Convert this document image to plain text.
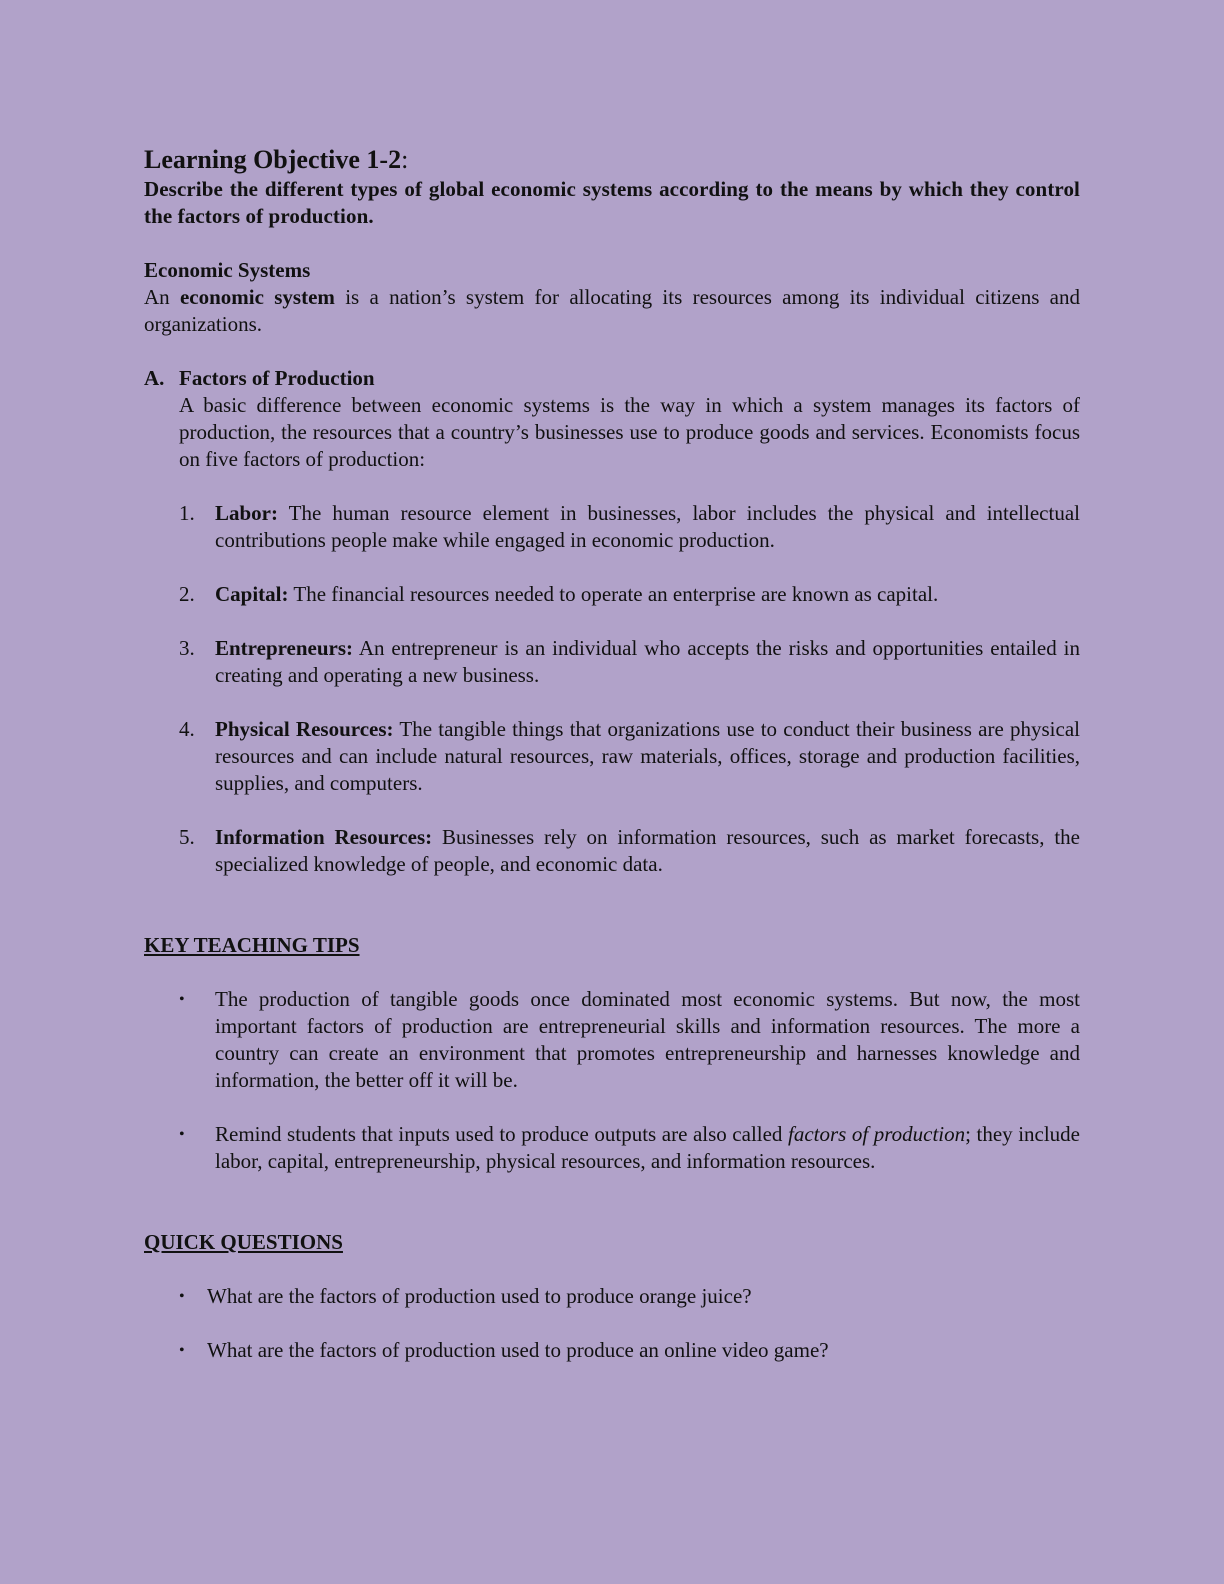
Learning Objective 1-2:

Describe the different types of global economic systems according to the means by which they control the factors of production.

Economic Systems

An economic system is a nation’s system for allocating its resources among its individual citizens and organizations.

A. Factors of Production

A basic difference between economic systems is the way in which a system manages its factors of production, the resources that a country’s businesses use to produce goods and services. Economists focus on five factors of production:

1. Labor: The human resource element in businesses, labor includes the physical and intellectual contributions people make while engaged in economic production.
2. Capital: The financial resources needed to operate an enterprise are known as capital.
3. Entrepreneurs: An entrepreneur is an individual who accepts the risks and opportunities entailed in creating and operating a new business.
4. Physical Resources: The tangible things that organizations use to conduct their business are physical resources and can include natural resources, raw materials, offices, storage and production facilities, supplies, and computers.
5. Information Resources: Businesses rely on information resources, such as market forecasts, the specialized knowledge of people, and economic data.

KEY TEACHING TIPS

•	The production of tangible goods once dominated most economic systems. But now, the most important factors of production are entrepreneurial skills and information resources. The more a country can create an environment that promotes entrepreneurship and harnesses knowledge and information, the better off it will be.
•	Remind students that inputs used to produce outputs are also called factors of production; they include labor, capital, entrepreneurship, physical resources, and information resources.

QUICK QUESTIONS

•	What are the factors of production used to produce orange juice?
•	What are the factors of production used to produce an online video game?
